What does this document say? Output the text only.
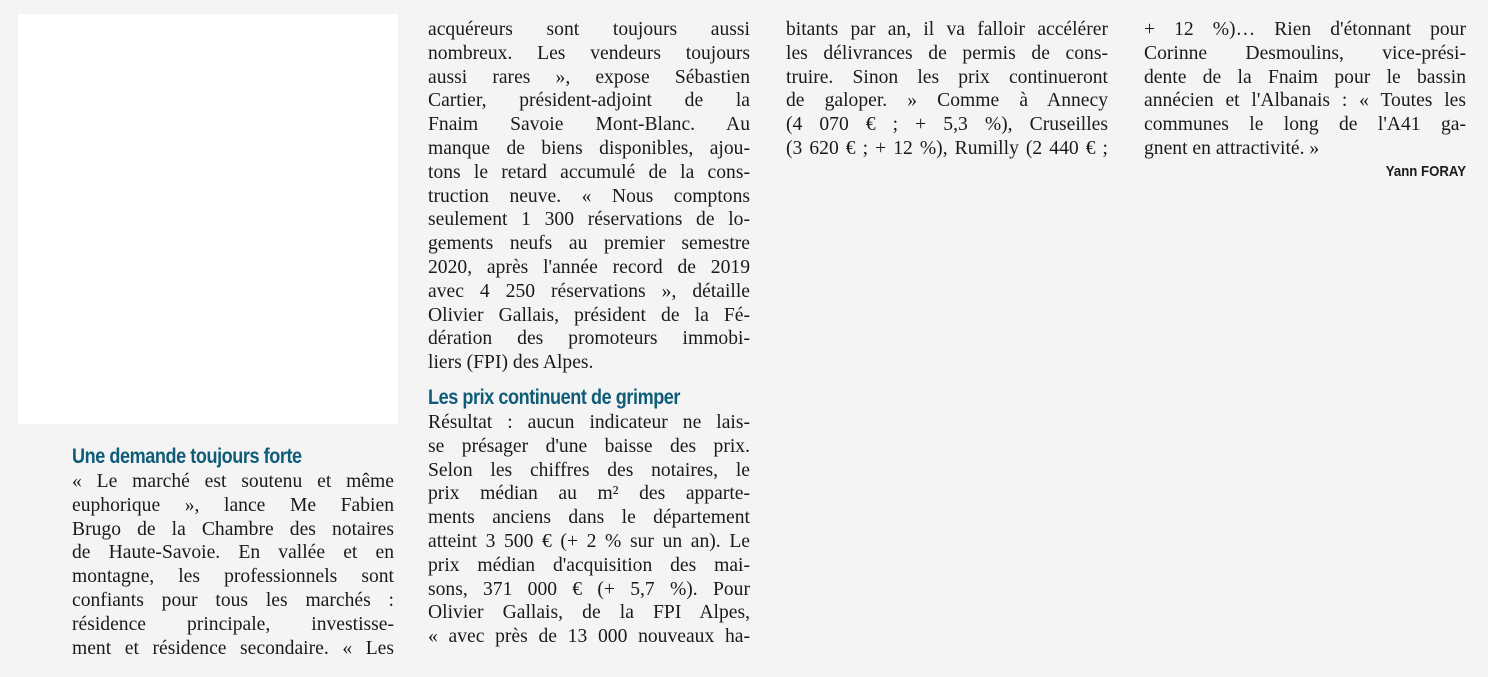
Une demande toujours forte

« Le marché est soutenu et même
euphorique », lance Me Fabien
Brugo de la Chambre des notaires
de Haute-Savoie. En vallée et en
montagne, les professionnels sont
confiants pour tous les marchés :
résidence principale, investisse-
ment et résidence secondaire. « Les

acquéreurs sont toujours aussi
nombreux. Les vendeurs toujours
aussi rares », expose Sébastien
Cartier, président-adjoint de la
Fnaim Savoie Mont-Blanc. Au
manque de biens disponibles, ajou-
tons le retard accumulé de la cons-
truction neuve. « Nous comptons
seulement 1 300 réservations de lo-
gements neufs au premier semestre
2020, après l'année record de 2019
avec 4 250 réservations », détaille
Olivier Gallais, président de la Fé-
dération des promoteurs immobi-
liers (FPI) des Alpes.

Les prix continuent de grimper

Résultat : aucun indicateur ne lais-
se présager d'une baisse des prix.
Selon les chiffres des notaires, le
prix médian au m² des apparte-
ments anciens dans le département
atteint 3 500 € (+ 2 % sur un an). Le
prix médian d'acquisition des mai-
sons, 371 000 € (+ 5,7 %). Pour
Olivier Gallais, de la FPI Alpes,
« avec près de 13 000 nouveaux ha-

bitants par an, il va falloir accélérer
les délivrances de permis de cons-
truire. Sinon les prix continueront
de galoper. » Comme à Annecy
(4 070 € ; + 5,3 %), Cruseilles
(3 620 € ; + 12 %), Rumilly (2 440 € ;

+ 12 %)… Rien d'étonnant pour
Corinne Desmoulins, vice-prési-
dente de la Fnaim pour le bassin
annécien et l'Albanais : « Toutes les
communes le long de l'A41 ga-
gnent en attractivité. »

Yann FORAY
